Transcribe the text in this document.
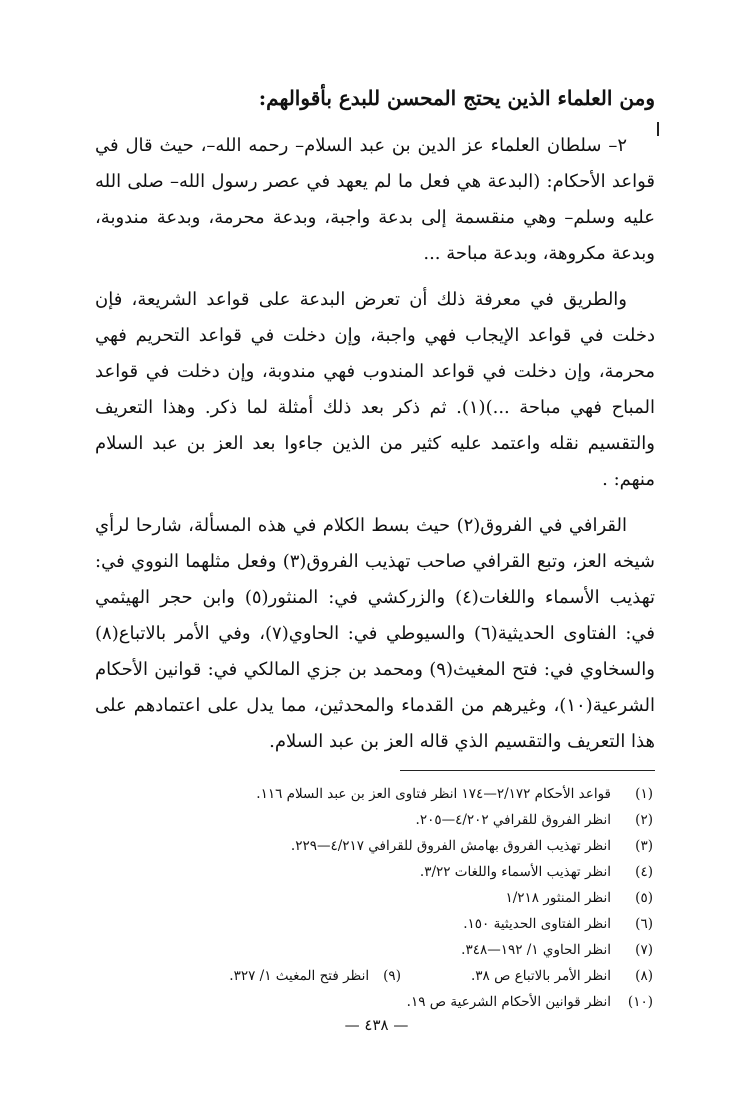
ومن العلماء الذين يحتج المحسن للبدع بأقوالهم:

٢– سلطان العلماء عز الدين بن عبد السلام– رحمه الله–، حيث قال في قواعد الأحكام: (البدعة هي فعل ما لم يعهد في عصر رسول الله– صلى الله عليه وسلم– وهي منقسمة إلى بدعة واجبة، وبدعة محرمة، وبدعة مندوبة، وبدعة مكروهة، وبدعة مباحة ...

والطريق في معرفة ذلك أن تعرض البدعة على قواعد الشريعة، فإن دخلت في قواعد الإيجاب فهي واجبة، وإن دخلت في قواعد التحريم فهي محرمة، وإن دخلت في قواعد المندوب فهي مندوبة، وإن دخلت في قواعد المباح فهي مباحة ...)(١). ثم ذكر بعد ذلك أمثلة لما ذكر. وهذا التعريف والتقسيم نقله واعتمد عليه كثير من الذين جاءوا بعد العز بن عبد السلام منهم: .

القرافي في الفروق(٢) حيث بسط الكلام في هذه المسألة، شارحا لرأي شيخه العز، وتبع القرافي صاحب تهذيب الفروق(٣) وفعل مثلهما النووي في: تهذيب الأسماء واللغات(٤) والزركشي في: المنثور(٥) وابن حجر الهيثمي في: الفتاوى الحديثية(٦) والسيوطي في: الحاوي(٧)، وفي الأمر بالاتباع(٨) والسخاوي في: فتح المغيث(٩) ومحمد بن جزي المالكي في: قوانين الأحكام الشرعية(١٠)، وغيرهم من القدماء والمحدثين، مما يدل على اعتمادهم على هذا التعريف والتقسيم الذي قاله العز بن عبد السلام.

(١)
قواعد الأحكام ٢/١٧٢—١٧٤ انظر فتاوى العز بن عبد السلام ١١٦.
(٢)
انظر الفروق للقرافي ٤/٢٠٢—٢٠٥.
(٣)
انظر تهذيب الفروق بهامش الفروق للقرافي ٤/٢١٧—٢٢٩.
(٤)
انظر تهذيب الأسماء واللغات ٣/٢٢.
(٥)
انظر المنثور ١/٢١٨
(٦)
انظر الفتاوى الحديثية ١٥٠.
(٧)
انظر الحاوي ١/ ١٩٢—٣٤٨.
(٨)
انظر الأمر بالاتباع ص ٣٨.
(٩)
انظر فتح المغيث ١/ ٣٢٧.
(١٠)
انظر قوانين الأحكام الشرعية ص ١٩.
— ٤٣٨ —
